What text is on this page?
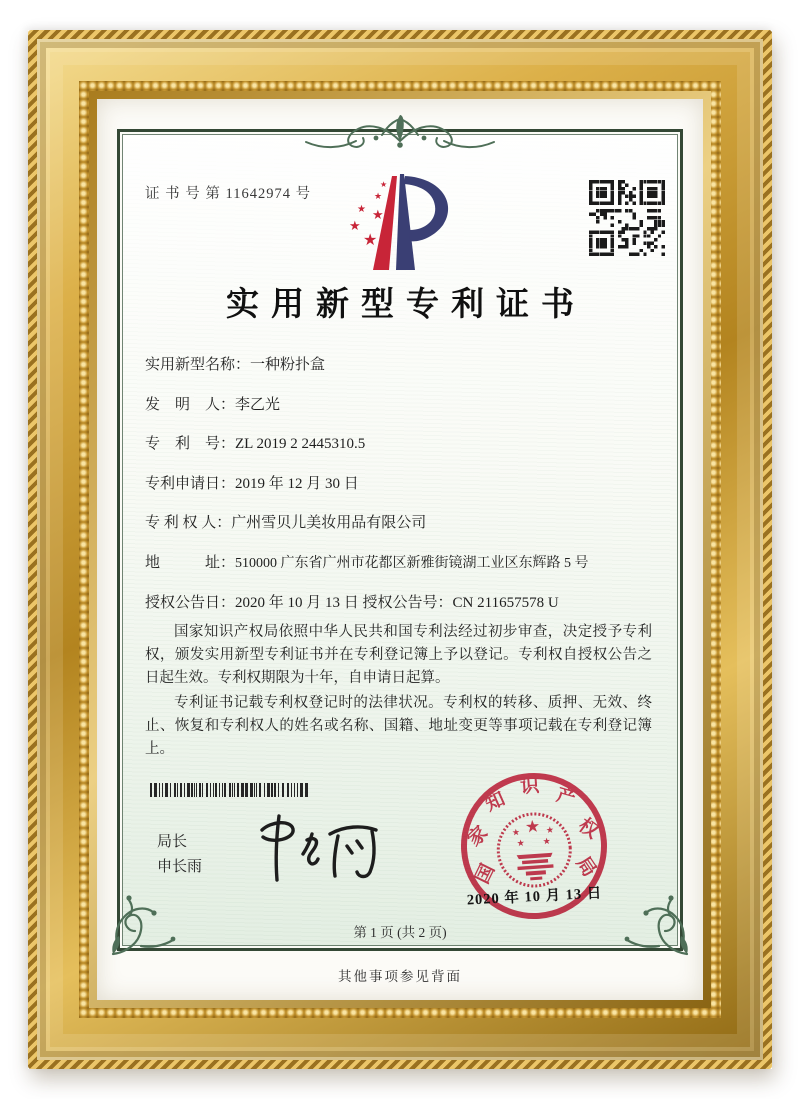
证 书 号 第 11642974 号
★
★
★ ★
★
★
实用新型专利证书
实用新型名称：一种粉扑盒
发　明　人：李乙光
专　利　号：ZL 2019 2 2445310.5
专利申请日：2019 年 12 月 30 日
专 利 权 人：广州雪贝儿美妆用品有限公司
地　　　址：510000 广东省广州市花都区新雅街镜湖工业区东辉路 5 号
授权公告日：2020 年 10 月 13 日 授权公告号：CN 211657578 U

国家知识产权局依照中华人民共和国专利法经过初步审查，决定授予专利权，颁发实用新型专利证书并在专利登记簿上予以登记。专利权自授权公告之日起生效。专利权期限为十年，自申请日起算。

专利证书记载专利权登记时的法律状况。专利权的转移、质押、无效、终止、恢复和专利权人的姓名或名称、国籍、地址变更等事项记载在专利登记簿上。

局长
申长雨	国
家
知
识 产
权
局
★
★	★
★ ★
2020 年 10 月 13 日
第 1 页 (共 2 页)
其他事项参见背面
